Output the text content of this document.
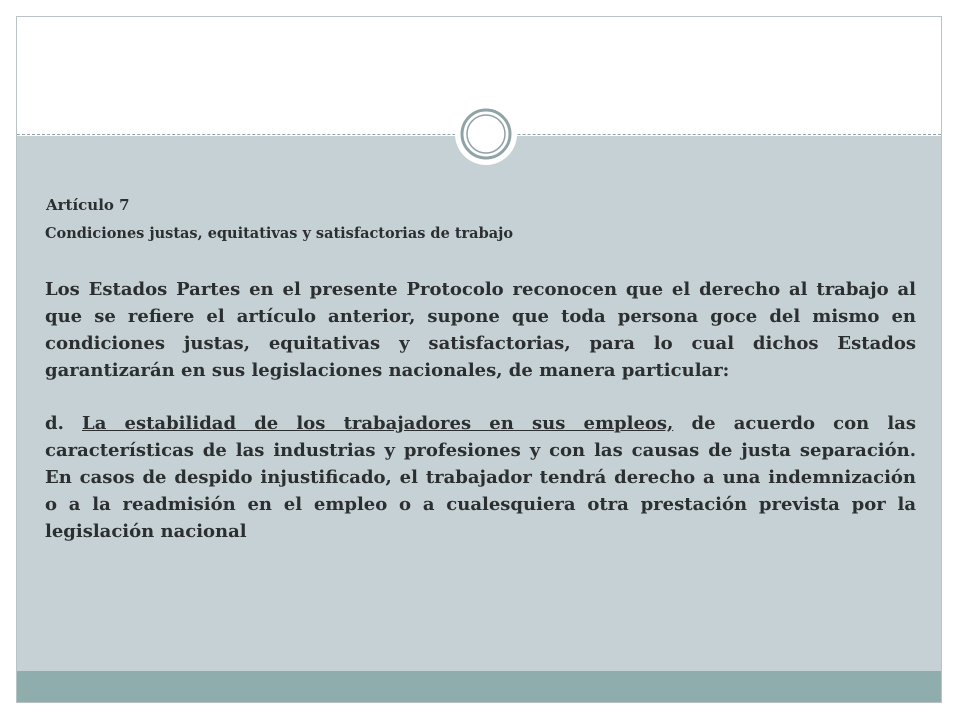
Artículo 7
Condiciones justas, equitativas y satisfactorias de trabajo
Los Estados Partes en el presente Protocolo reconocen que el derecho al trabajo al que se refiere el artículo anterior, supone que toda persona goce del mismo en condiciones justas, equitativas y satisfactorias, para lo cual dichos Estados garantizarán en sus legislaciones nacionales, de manera particular:
d. La estabilidad de los trabajadores en sus empleos, de acuerdo con las características de las industrias y profesiones y con las causas de justa separación. En casos de despido injustificado, el trabajador tendrá derecho a una indemnización o a la readmisión en el empleo o a cualesquiera otra prestación prevista por la legislación nacional
